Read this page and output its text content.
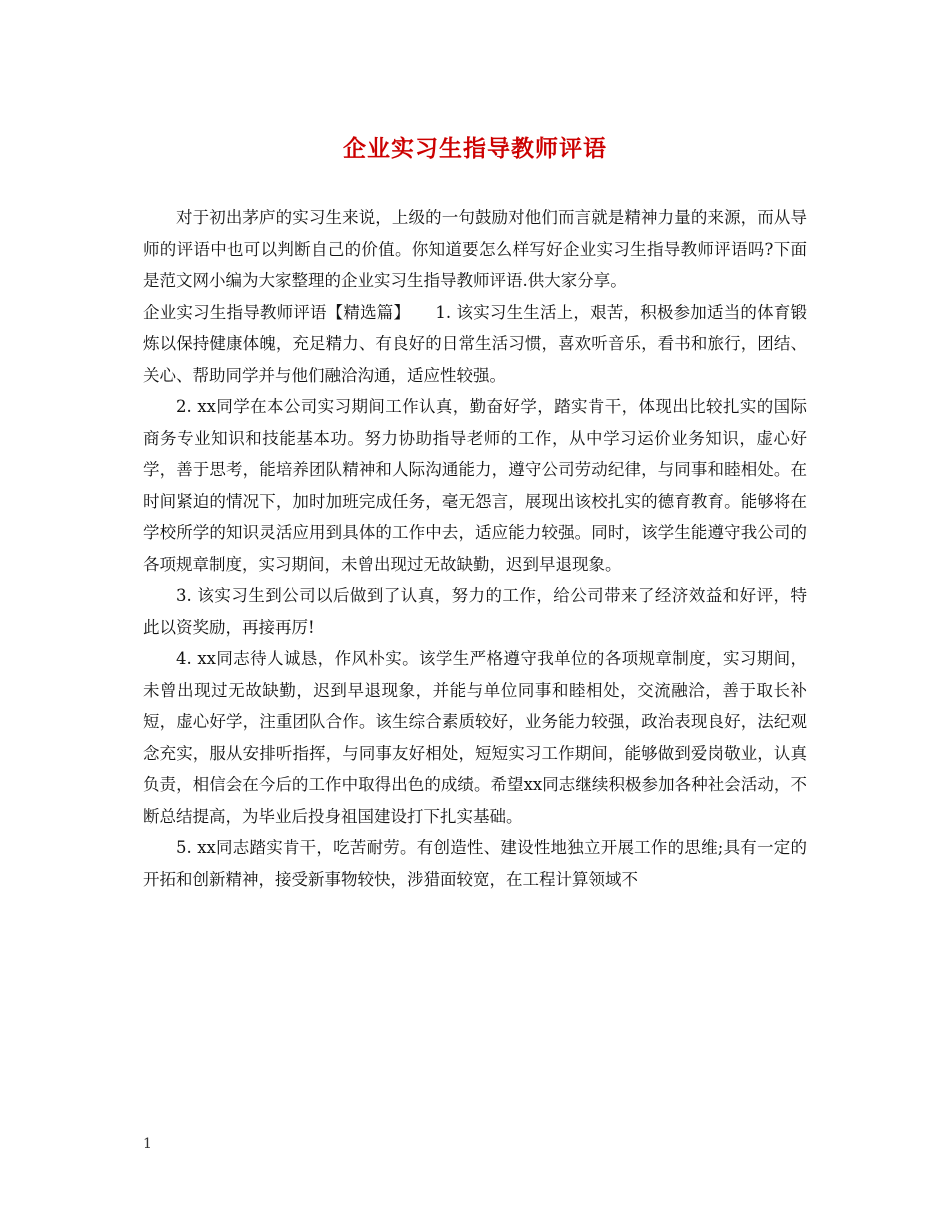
企业实习生指导教师评语

对于初出茅庐的实习生来说，上级的一句鼓励对他们而言就是精神力量的来源，而从导师的评语中也可以判断自己的价值。你知道要怎么样写好企业实习生指导教师评语吗?下面是范文网小编为大家整理的企业实习生指导教师评语.供大家分享。

企业实习生指导教师评语【精选篇】　　1. 该实习生生活上，艰苦，积极参加适当的体育锻炼以保持健康体魄，充足精力、有良好的日常生活习惯，喜欢听音乐，看书和旅行，团结、关心、帮助同学并与他们融洽沟通，适应性较强。

2. xx同学在本公司实习期间工作认真，勤奋好学，踏实肯干，体现出比较扎实的国际商务专业知识和技能基本功。努力协助指导老师的工作，从中学习运价业务知识，虚心好学，善于思考，能培养团队精神和人际沟通能力，遵守公司劳动纪律，与同事和睦相处。在时间紧迫的情况下，加时加班完成任务，毫无怨言，展现出该校扎实的德育教育。能够将在学校所学的知识灵活应用到具体的工作中去，适应能力较强。同时，该学生能遵守我公司的各项规章制度，实习期间，未曾出现过无故缺勤，迟到早退现象。

3. 该实习生到公司以后做到了认真，努力的工作，给公司带来了经济效益和好评，特此以资奖励，再接再厉!

4. xx同志待人诚恳，作风朴实。该学生严格遵守我单位的各项规章制度，实习期间，未曾出现过无故缺勤，迟到早退现象，并能与单位同事和睦相处，交流融洽，善于取长补短，虚心好学，注重团队合作。该生综合素质较好，业务能力较强，政治表现良好，法纪观念充实，服从安排听指挥，与同事友好相处，短短实习工作期间，能够做到爱岗敬业，认真负责，相信会在今后的工作中取得出色的成绩。希望xx同志继续积极参加各种社会活动，不断总结提高，为毕业后投身祖国建设打下扎实基础。

5. xx同志踏实肯干，吃苦耐劳。有创造性、建设性地独立开展工作的思维;具有一定的开拓和创新精神，接受新事物较快，涉猎面较宽，在工程计算领域不

1
